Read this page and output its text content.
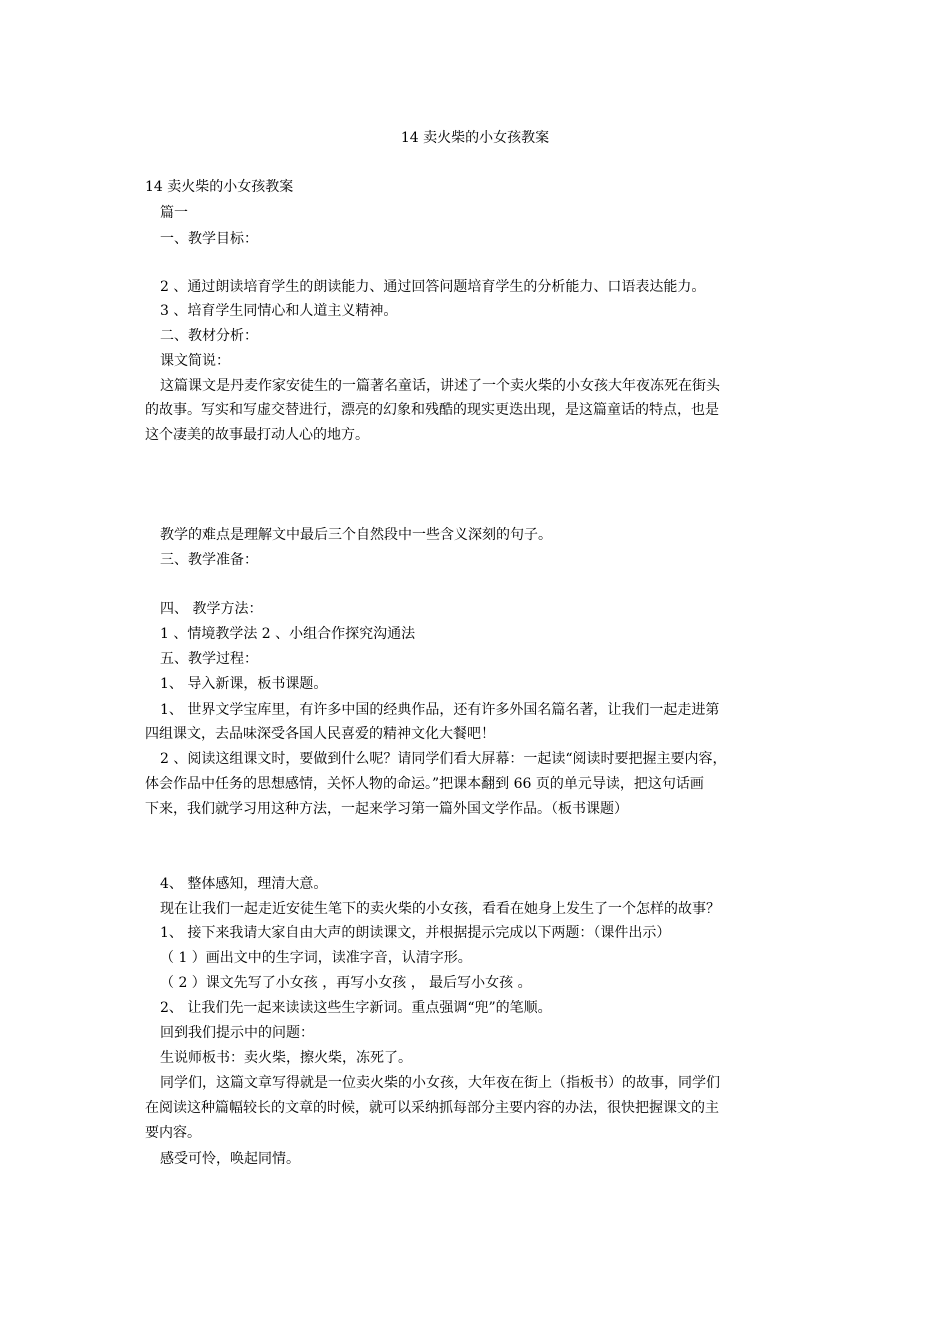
14 卖火柴的小女孩教案
14 卖火柴的小女孩教案
篇一
一、教学目标：
2 、通过朗读培育学生的朗读能力、通过回答问题培育学生的分析能力、口语表达能力。
3 、培育学生同情心和人道主义精神。
二、教材分析：
课文简说：
这篇课文是丹麦作家安徒生的一篇著名童话，讲述了一个卖火柴的小女孩大年夜冻死在街头
的故事。写实和写虚交替进行，漂亮的幻象和残酷的现实更迭出现，是这篇童话的特点，也是
这个凄美的故事最打动人心的地方。
教学的难点是理解文中最后三个自然段中一些含义深刻的句子。
三、教学准备：
四、 教学方法：
1 、情境教学法 2 、小组合作探究沟通法
五、教学过程：
1、 导入新课，板书课题。
1、 世界文学宝库里，有许多中国的经典作品，还有许多外国名篇名著，让我们一起走进第
四组课文，去品味深受各国人民喜爱的精神文化大餐吧！
2 、阅读这组课文时，要做到什么呢？请同学们看大屏幕：一起读“阅读时要把握主要内容，
体会作品中任务的思想感情，关怀人物的命运。”把课本翻到 66 页的单元导读，把这句话画
下来，我们就学习用这种方法，一起来学习第一篇外国文学作品。（板书课题）
4、 整体感知，理清大意。
现在让我们一起走近安徒生笔下的卖火柴的小女孩，看看在她身上发生了一个怎样的故事？
1、 接下来我请大家自由大声的朗读课文，并根据提示完成以下两题：（课件出示）
（ 1 ）画出文中的生字词，读准字音，认清字形。
（ 2 ）课文先写了小女孩 ，再写小女孩 ， 最后写小女孩 。
2、 让我们先一起来读读这些生字新词。重点强调“兜”的笔顺。
回到我们提示中的问题：
生说师板书：卖火柴，擦火柴，冻死了。
同学们，这篇文章写得就是一位卖火柴的小女孩，大年夜在街上（指板书）的故事，同学们
在阅读这种篇幅较长的文章的时候，就可以采纳抓每部分主要内容的办法，很快把握课文的主
要内容。
感受可怜，唤起同情。
